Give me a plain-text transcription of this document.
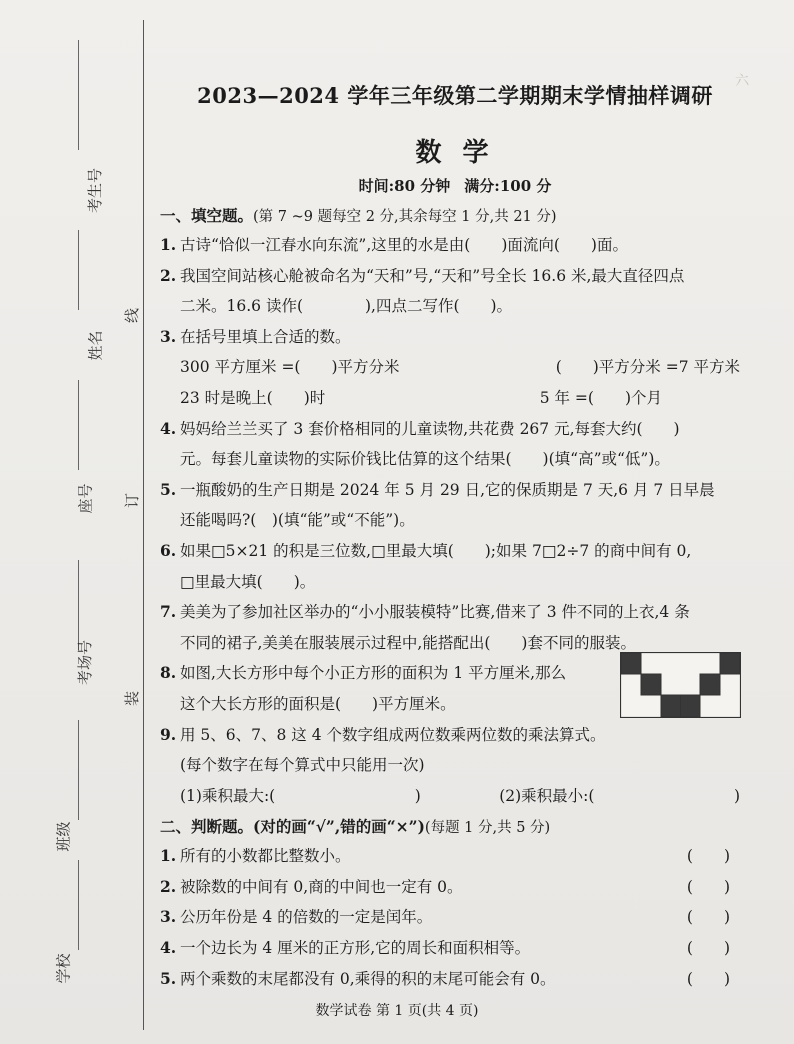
考生号
姓名
线
座号 订
考场号
装
班级
学校
六
2023—2024 学年三年级第二学期期末学情抽样调研
数 学
时间:80 分钟 满分:100 分
一、填空题。(第 7 ~9 题每空 2 分,其余每空 1 分,共 21 分)
1. 古诗“恰似一江春水向东流”,这里的水是由(　　)面流向(　　)面。
2. 我国空间站核心舱被命名为“天和”号,“天和”号全长 16.6 米,最大直径四点
二米。16.6 读作(　　　　),四点二写作(　　)。
3. 在括号里填上合适的数。
300 平方厘米 =(　　)平方分米	(　　)平方分米 =7 平方米
23 时是晚上(　　)时	5 年 =(　　)个月
4. 妈妈给兰兰买了 3 套价格相同的儿童读物,共花费 267 元,每套大约(　　)
元。每套儿童读物的实际价钱比估算的这个结果(　　)(填“高”或“低”)。
5. 一瓶酸奶的生产日期是 2024 年 5 月 29 日,它的保质期是 7 天,6 月 7 日早晨
还能喝吗?(　)(填“能”或“不能”)。
6. 如果□5×21 的积是三位数,□里最大填(　　);如果 7□2÷7 的商中间有 0,
□里最大填(　　)。
7. 美美为了参加社区举办的“小小服装模特”比赛,借来了 3 件不同的上衣,4 条
不同的裙子,美美在服装展示过程中,能搭配出(　　)套不同的服装。
8. 如图,大长方形中每个小正方形的面积为 1 平方厘米,那么
这个大长方形的面积是(　　)平方厘米。
9. 用 5、6、7、8 这 4 个数字组成两位数乘两位数的乘法算式。
(每个数字在每个算式中只能用一次)
(1)乘积最大:(　　　　　　　　　)	(2)乘积最小:(　　　　　　　　　)
二、判断题。(对的画“√”,错的画“×”)(每题 1 分,共 5 分)
1. 所有的小数都比整数小。	(　　)
2. 被除数的中间有 0,商的中间也一定有 0。	(　　)
3. 公历年份是 4 的倍数的一定是闰年。	(　　)
4. 一个边长为 4 厘米的正方形,它的周长和面积相等。	(　　)
5. 两个乘数的末尾都没有 0,乘得的积的末尾可能会有 0。	(　　)
数学试卷 第 1 页(共 4 页)
